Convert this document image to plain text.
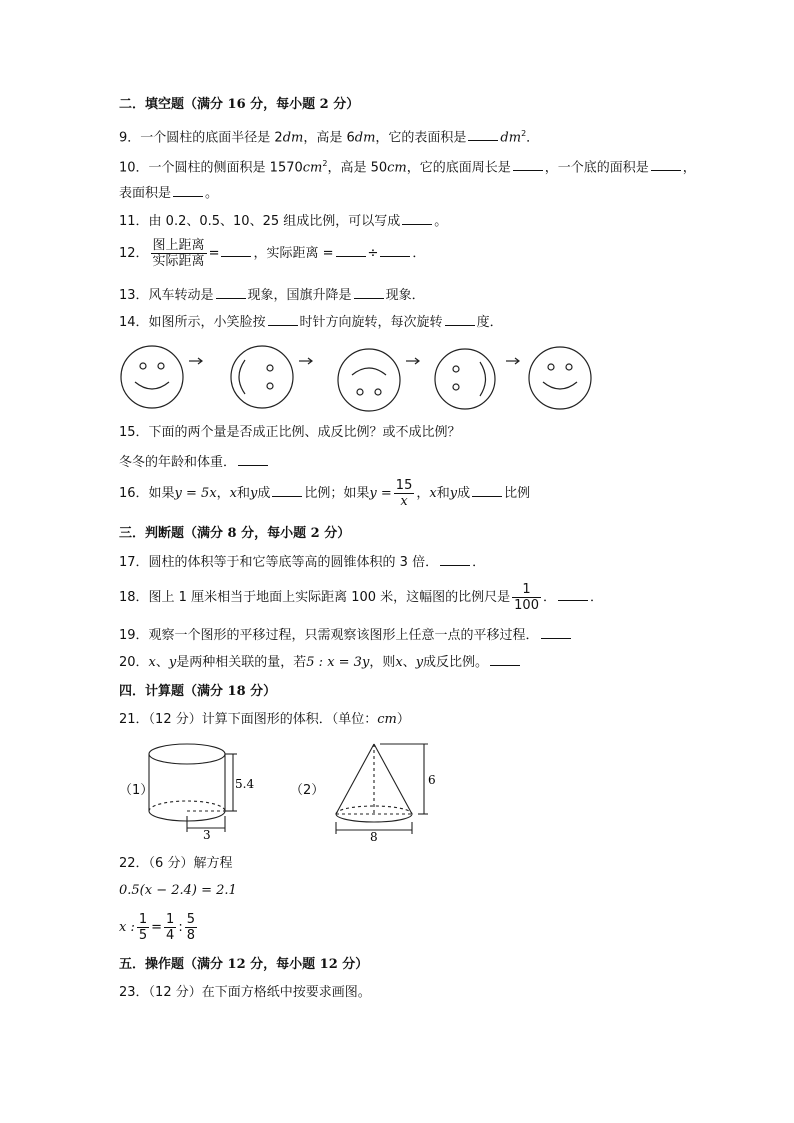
二．填空题（满分 16 分，每小题 2 分）
9．一个圆柱的底面半径是 2dm，高是 6dm，它的表面积是	$dm^2$．
10．一个圆柱的侧面积是 $1570cm^2$，高是 50cm，它的底面周长是	，一个底的面积是	，
表面积是	。
11．由 0.2、0.5、10、25 组成比例，可以写成	。
12． $\frac{\text{图上距离}}{\text{实际距离}}$ =	，实际距离 =	÷	．
13．风车转动是	现象，国旗升降是	现象．
14．如图所示，小笑脸按	时针方向旋转，每次旋转	度．
15．下面的两个量是否成正比例、成反比例？或不成比例？
冬冬的年龄和体重．
16．如果y = 5x，x和y成	比例；如果$y = \frac{15}{x}$ ，x和y成	比例
三．判断题（满分 8 分，每小题 2 分）
17．圆柱的体积等于和它等底等高的圆锥体积的 3 倍．	．
18．图上 1 厘米相当于地面上实际距离 100 米，这幅图的比例尺是 $\frac{1}{100}$ ．	．
19．观察一个图形的平移过程，只需观察该图形上任意一点的平移过程．
20．x、y是两种相关联的量，若5 : x = 3y，则x、y成反比例。
四．计算题（满分 18 分）
21．（12 分）计算下面图形的体积．（单位：cm）
（1）	5.4
3
（2）
6
8
22．（6 分）解方程
0.5(x − 2.4) = 2.1
x : $\frac{1}{5} = \frac{1}{4}$ : $\frac{5}{8}$
五．操作题（满分 12 分，每小题 12 分）
23．（12 分）在下面方格纸中按要求画图。
